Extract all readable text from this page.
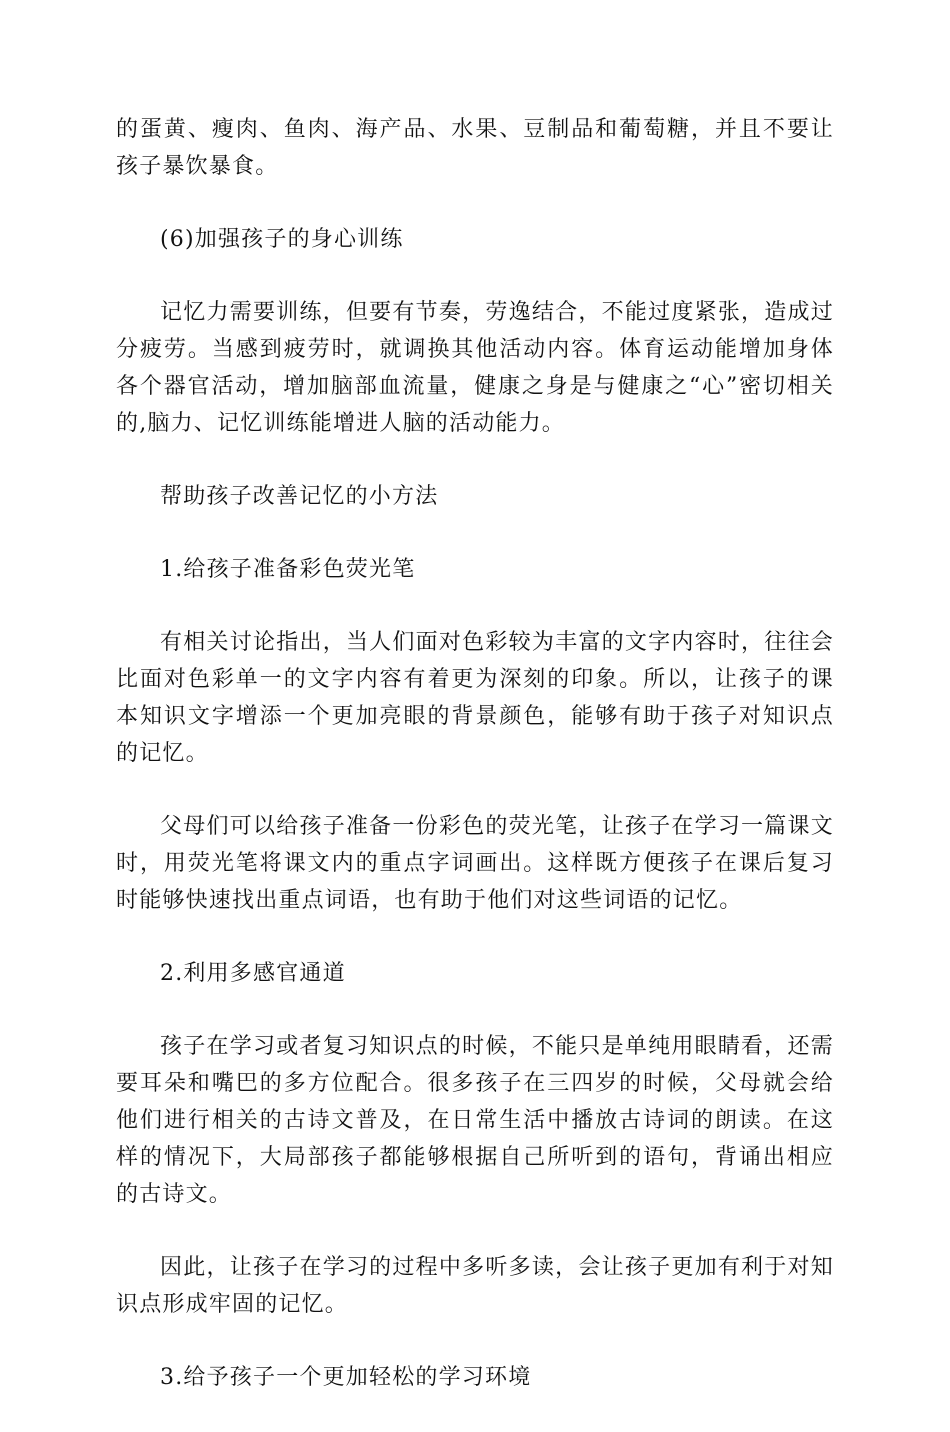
的蛋黄、瘦肉、鱼肉、海产品、水果、豆制品和葡萄糖，并且不要让孩子暴饮暴食。

(6)加强孩子的身心训练

记忆力需要训练，但要有节奏，劳逸结合，不能过度紧张，造成过分疲劳。当感到疲劳时，就调换其他活动内容。体育运动能增加身体各个器官活动，增加脑部血流量，健康之身是与健康之“心”密切相关的,脑力、记忆训练能增进人脑的活动能力。

帮助孩子改善记忆的小方法

1.给孩子准备彩色荧光笔

有相关讨论指出，当人们面对色彩较为丰富的文字内容时，往往会比面对色彩单一的文字内容有着更为深刻的印象。所以，让孩子的课本知识文字增添一个更加亮眼的背景颜色，能够有助于孩子对知识点的记忆。

父母们可以给孩子准备一份彩色的荧光笔，让孩子在学习一篇课文时，用荧光笔将课文内的重点字词画出。这样既方便孩子在课后复习时能够快速找出重点词语，也有助于他们对这些词语的记忆。

2.利用多感官通道

孩子在学习或者复习知识点的时候，不能只是单纯用眼睛看，还需要耳朵和嘴巴的多方位配合。很多孩子在三四岁的时候，父母就会给他们进行相关的古诗文普及，在日常生活中播放古诗词的朗读。在这样的情况下，大局部孩子都能够根据自己所听到的语句，背诵出相应的古诗文。

因此，让孩子在学习的过程中多听多读，会让孩子更加有利于对知识点形成牢固的记忆。

3.给予孩子一个更加轻松的学习环境
